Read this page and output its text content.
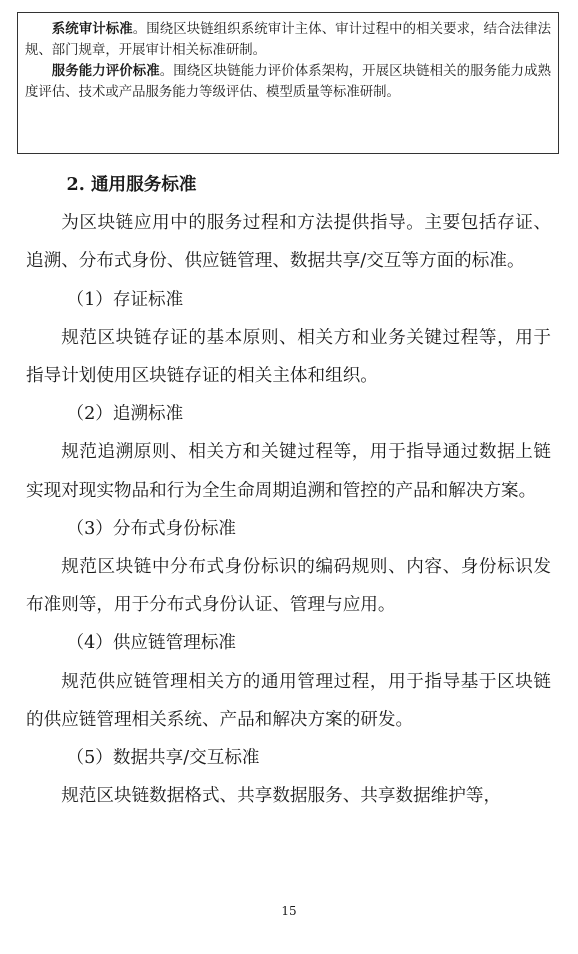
系统审计标准。围绕区块链组织系统审计主体、审计过程中的相关要求，结合法律法规、部门规章，开展审计相关标准研制。

服务能力评价标准。围绕区块链能力评价体系架构，开展区块链相关的服务能力成熟度评估、技术或产品服务能力等级评估、模型质量等标准研制。

2. 通用服务标准

为区块链应用中的服务过程和方法提供指导。主要包括存证、追溯、分布式身份、供应链管理、数据共享/交互等方面的标准。

（1）存证标准

规范区块链存证的基本原则、相关方和业务关键过程等，用于指导计划使用区块链存证的相关主体和组织。

（2）追溯标准

规范追溯原则、相关方和关键过程等，用于指导通过数据上链实现对现实物品和行为全生命周期追溯和管控的产品和解决方案。

（3）分布式身份标准

规范区块链中分布式身份标识的编码规则、内容、身份标识发布准则等，用于分布式身份认证、管理与应用。

（4）供应链管理标准

规范供应链管理相关方的通用管理过程，用于指导基于区块链的供应链管理相关系统、产品和解决方案的研发。

（5）数据共享/交互标准

规范区块链数据格式、共享数据服务、共享数据维护等，

15
